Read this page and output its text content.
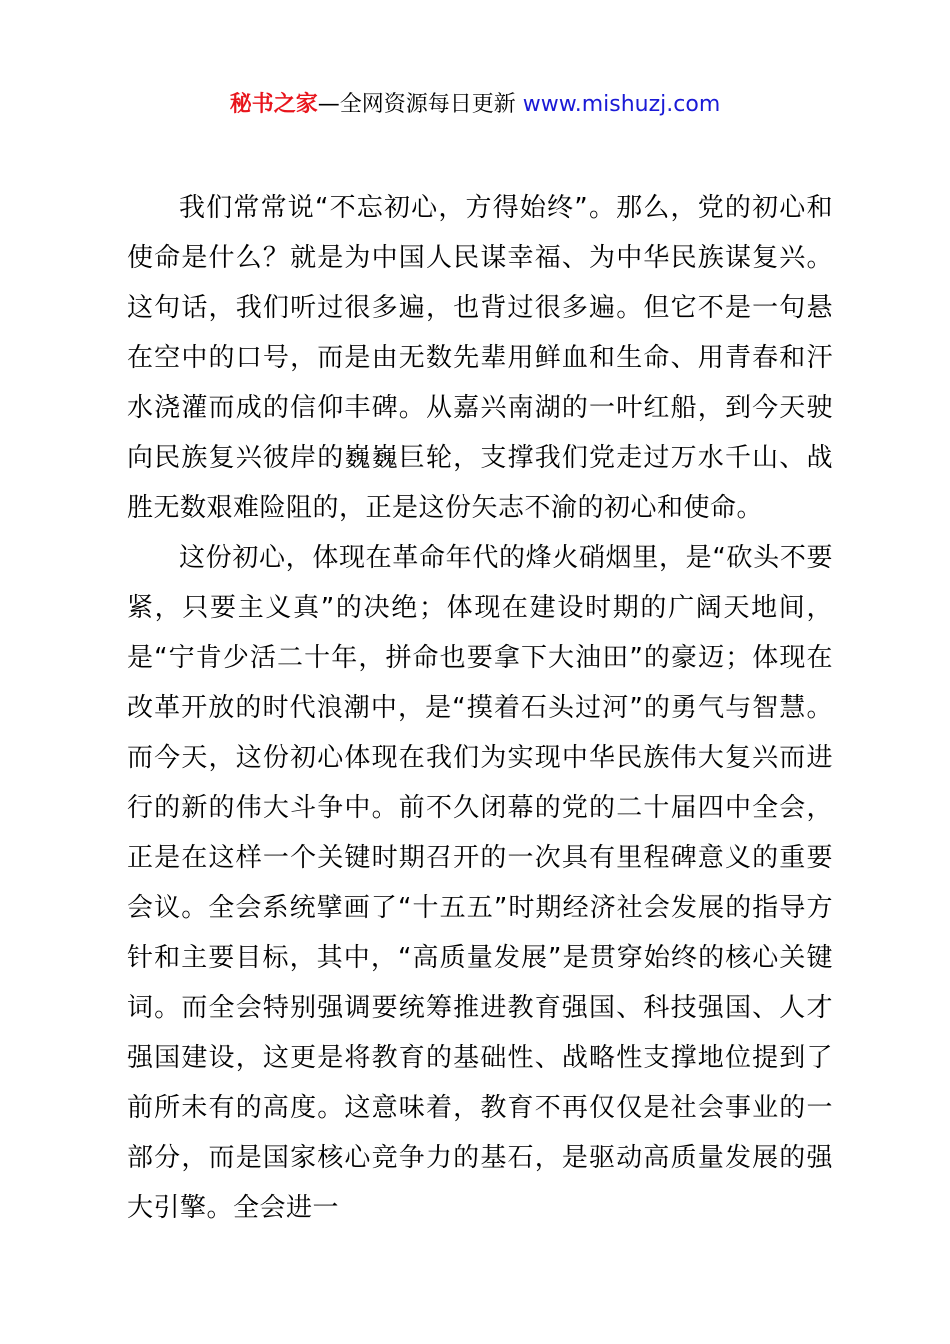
秘书之家—全网资源每日更新 www.mishuzj.com

我们常常说“不忘初心，方得始终”。那么，党的初心和使命是什么？就是为中国人民谋幸福、为中华民族谋复兴。这句话，我们听过很多遍，也背过很多遍。但它不是一句悬在空中的口号，而是由无数先辈用鲜血和生命、用青春和汗水浇灌而成的信仰丰碑。从嘉兴南湖的一叶红船，到今天驶向民族复兴彼岸的巍巍巨轮，支撑我们党走过万水千山、战胜无数艰难险阻的，正是这份矢志不渝的初心和使命。

这份初心，体现在革命年代的烽火硝烟里，是“砍头不要紧，只要主义真”的决绝；体现在建设时期的广阔天地间，是“宁肯少活二十年，拼命也要拿下大油田”的豪迈；体现在改革开放的时代浪潮中，是“摸着石头过河”的勇气与智慧。而今天，这份初心体现在我们为实现中华民族伟大复兴而进行的新的伟大斗争中。前不久闭幕的党的二十届四中全会，正是在这样一个关键时期召开的一次具有里程碑意义的重要会议。全会系统擘画了“十五五”时期经济社会发展的指导方针和主要目标，其中，“高质量发展”是贯穿始终的核心关键词。而全会特别强调要统筹推进教育强国、科技强国、人才强国建设，这更是将教育的基础性、战略性支撑地位提到了前所未有的高度。这意味着，教育不再仅仅是社会事业的一部分，而是国家核心竞争力的基石，是驱动高质量发展的强大引擎。全会进一
